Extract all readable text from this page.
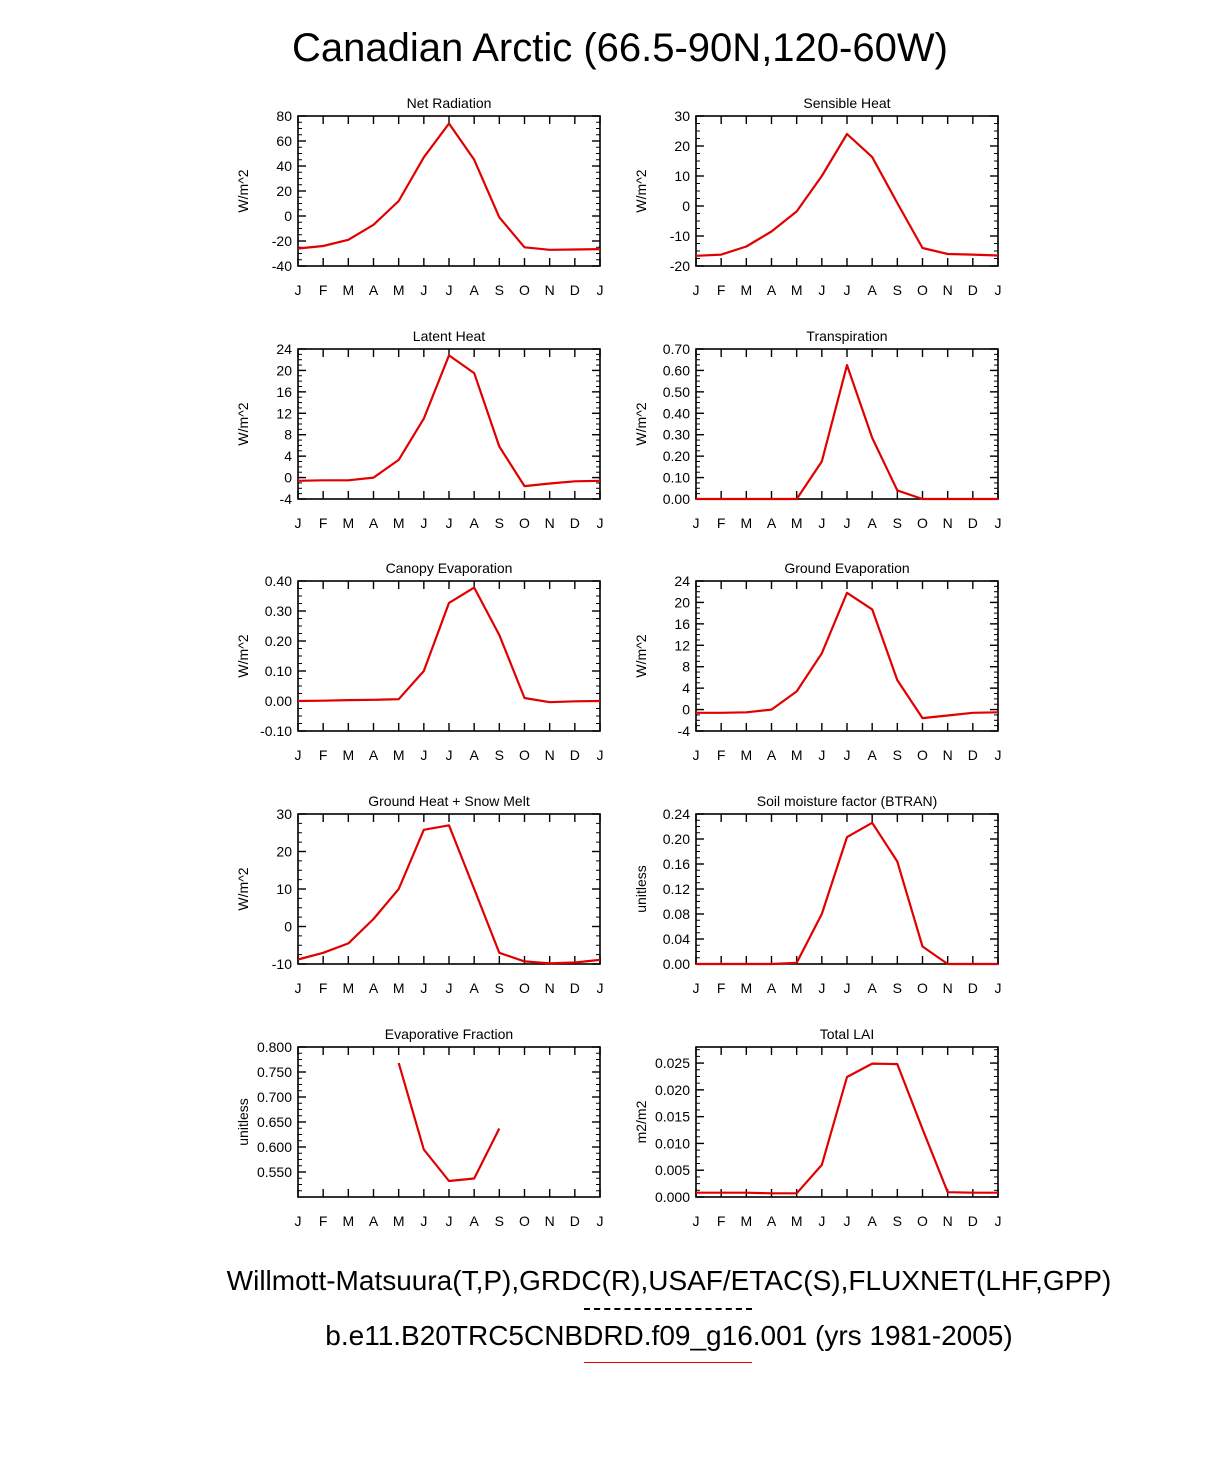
Canadian Arctic (66.5-90N,120-60W)
Net Radiation
-40
-20
0
20
40
60
80
J F M A M J J A S O N D J
W/m^2
Sensible Heat
-20
-10
0
10
20
30
J F M A M J J A S O N D J
W/m^2
Latent Heat
-4
0
4
8
12
16
20
24
J F M A M J J A S O N D J
W/m^2
Transpiration
0.00
0.10
0.20
0.30
0.40
0.50
0.60
0.70
J F M A M J J A S O N D J
W/m^2
Canopy Evaporation
-0.10
0.00
0.10
0.20
0.30
0.40
J F M A M J J A S O N D J
W/m^2
Ground Evaporation
-4
0
4
8
12
16
20
24
J F M A M J J A S O N D J
W/m^2
Ground Heat + Snow Melt
-10
0
10
20
30
J F M A M J J A S O N D J
W/m^2
Soil moisture factor (BTRAN)
0.00
0.04
0.08
0.12
0.16
0.20
0.24
J F M A M J J A S O N D J
unitless
Evaporative Fraction
0.550
0.600
0.650
0.700
0.750
0.800
J F M A M J J A S O N D J
unitless
Total LAI
0.000
0.005
0.010
0.015
0.020
0.025
J F M A M J J A S O N D J
m2/m2
Willmott-Matsuura(T,P),GRDC(R),USAF/ETAC(S),FLUXNET(LHF,GPP)
b.e11.B20TRC5CNBDRD.f09_g16.001 (yrs 1981-2005)
